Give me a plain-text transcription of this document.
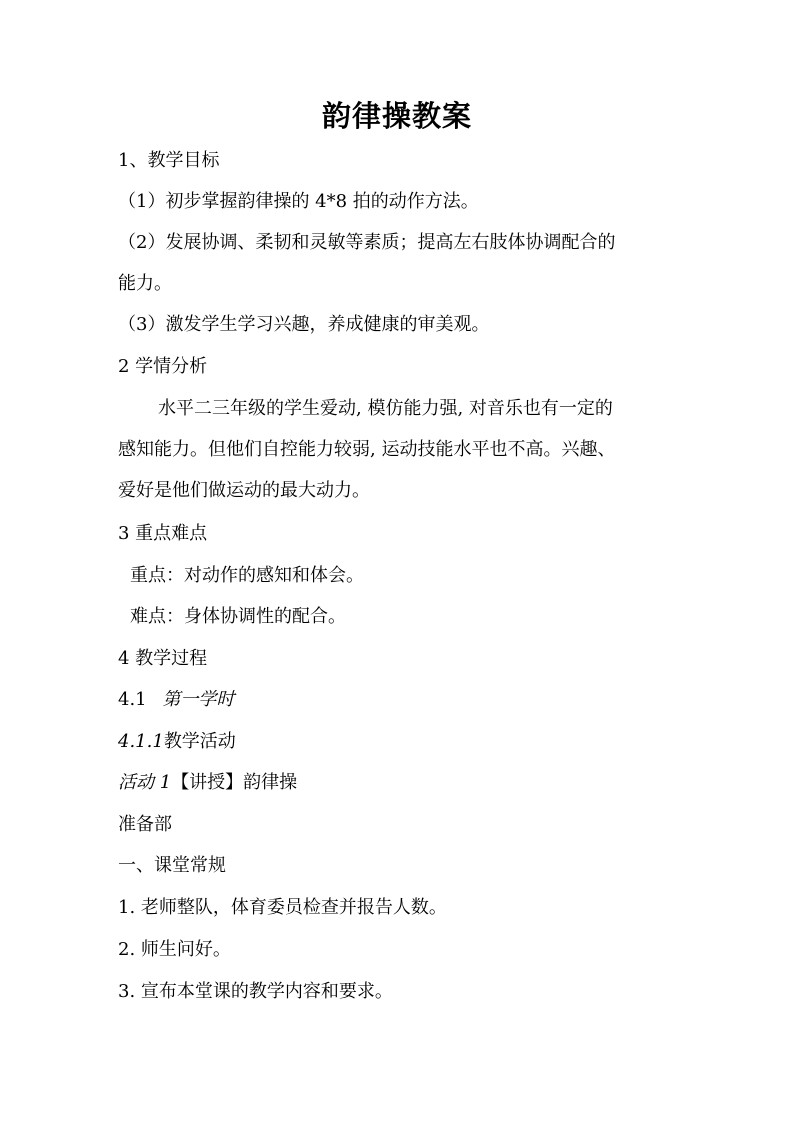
韵律操教案
1、教学目标
（1）初步掌握韵律操的 4*8 拍的动作方法。
（2）发展协调、柔韧和灵敏等素质；提高左右肢体协调配合的
能力。
（3）激发学生学习兴趣，养成健康的审美观。
2 学情分析
水平二三年级的学生爱动, 模仿能力强, 对音乐也有一定的
感知能力。但他们自控能力较弱, 运动技能水平也不高。兴趣、
爱好是他们做运动的最大动力。
3 重点难点
重点：对动作的感知和体会。
难点：身体协调性的配合。
4 教学过程
4.1 第一学时
4.1.1教学活动
活动 1【讲授】韵律操
准备部
一、课堂常规
1. 老师整队，体育委员检查并报告人数。
2. 师生问好。
3. 宣布本堂课的教学内容和要求。
